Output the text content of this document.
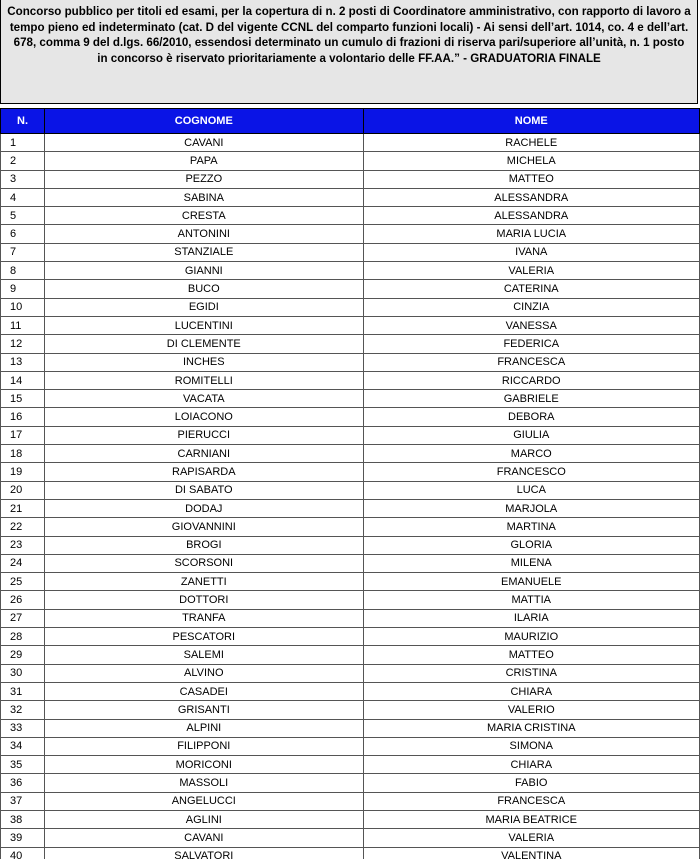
Concorso pubblico per titoli ed esami, per la copertura di n. 2 posti di Coordinatore amministrativo, con rapporto di lavoro a tempo pieno ed indeterminato (cat. D del vigente CCNL del comparto funzioni locali) - Ai sensi dell’art. 1014, co. 4 e dell’art. 678, comma 9 del d.lgs. 66/2010, essendosi determinato un cumulo di frazioni di riserva pari/superiore all’unità, n. 1 posto in concorso è riservato prioritariamente a volontario delle FF.AA.” - GRADUATORIA FINALE

N.	COGNOME	NOME
1	CAVANI	RACHELE
2	PAPA	MICHELA
3	PEZZO	MATTEO
4	SABINA	ALESSANDRA
5	CRESTA	ALESSANDRA
6	ANTONINI	MARIA LUCIA
7	STANZIALE	IVANA
8	GIANNI	VALERIA
9	BUCO	CATERINA
10	EGIDI	CINZIA
11	LUCENTINI	VANESSA
12	DI CLEMENTE	FEDERICA
13	INCHES	FRANCESCA
14	ROMITELLI	RICCARDO
15	VACATA	GABRIELE
16	LOIACONO	DEBORA
17	PIERUCCI	GIULIA
18	CARNIANI	MARCO
19	RAPISARDA	FRANCESCO
20	DI SABATO	LUCA
21	DODAJ	MARJOLA
22	GIOVANNINI	MARTINA
23	BROGI	GLORIA
24	SCORSONI	MILENA
25	ZANETTI	EMANUELE
26	DOTTORI	MATTIA
27	TRANFA	ILARIA
28	PESCATORI	MAURIZIO
29	SALEMI	MATTEO
30	ALVINO	CRISTINA
31	CASADEI	CHIARA
32	GRISANTI	VALERIO
33	ALPINI	MARIA CRISTINA
34	FILIPPONI	SIMONA
35	MORICONI	CHIARA
36	MASSOLI	FABIO
37	ANGELUCCI	FRANCESCA
38	AGLINI	MARIA BEATRICE
39	CAVANI	VALERIA
40	SALVATORI	VALENTINA
